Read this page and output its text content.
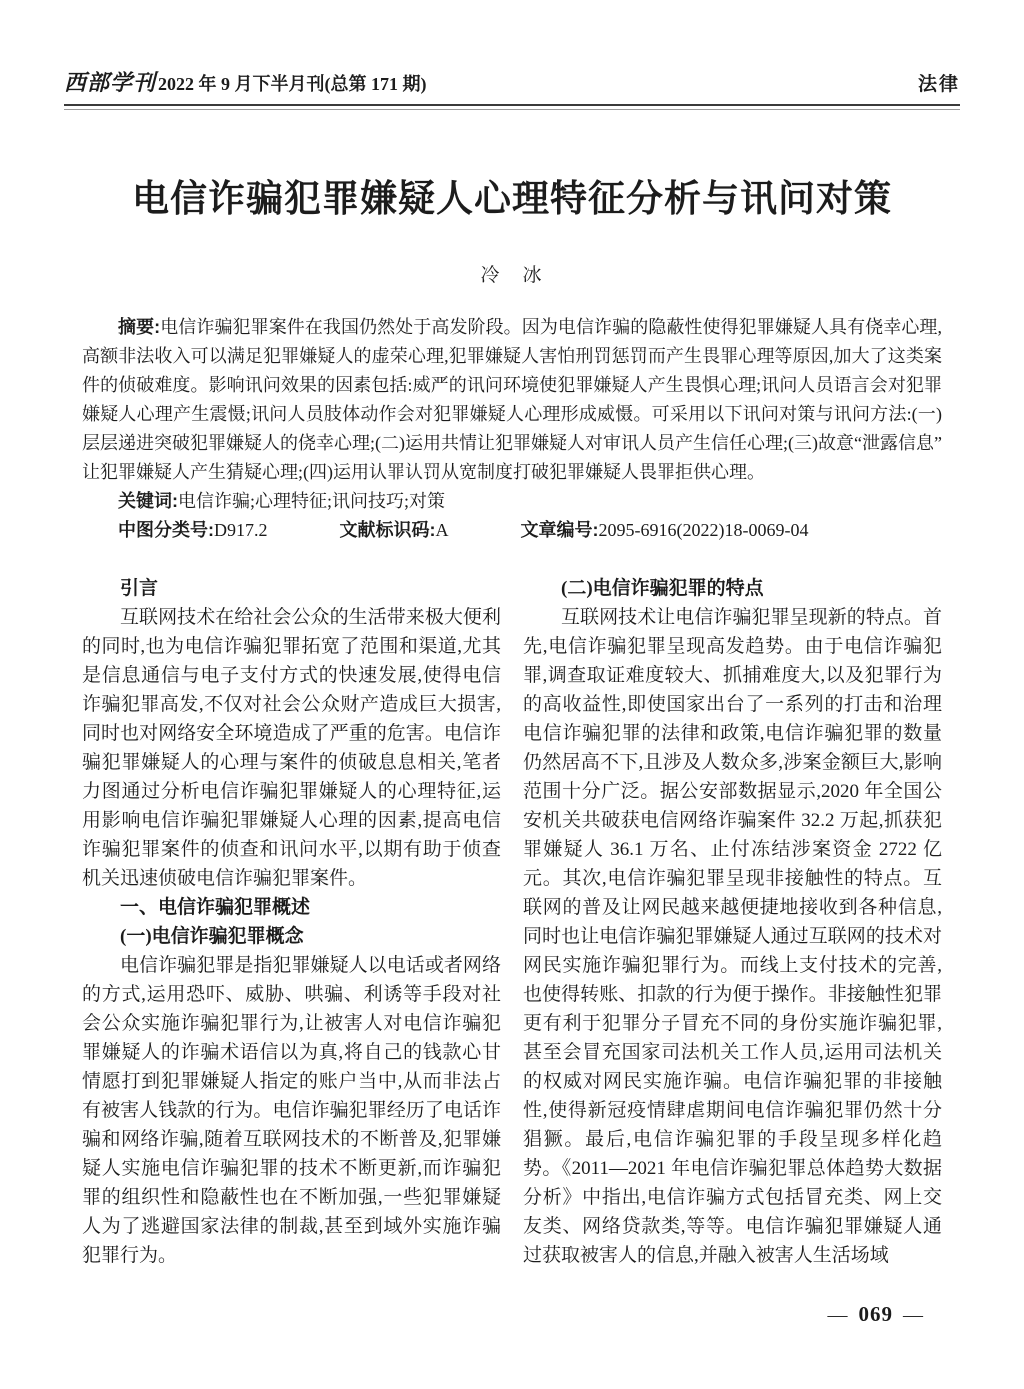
西部学刊 2022 年 9 月下半月刊(总第 171 期)	法律
电信诈骗犯罪嫌疑人心理特征分析与讯问对策
冷　冰

摘要:电信诈骗犯罪案件在我国仍然处于高发阶段。因为电信诈骗的隐蔽性使得犯罪嫌疑人具有侥幸心理,高额非法收入可以满足犯罪嫌疑人的虚荣心理,犯罪嫌疑人害怕刑罚惩罚而产生畏罪心理等原因,加大了这类案件的侦破难度。影响讯问效果的因素包括:威严的讯问环境使犯罪嫌疑人产生畏惧心理;讯问人员语言会对犯罪嫌疑人心理产生震慑;讯问人员肢体动作会对犯罪嫌疑人心理形成威慑。可采用以下讯问对策与讯问方法:(一)层层递进突破犯罪嫌疑人的侥幸心理;(二)运用共情让犯罪嫌疑人对审讯人员产生信任心理;(三)故意“泄露信息”让犯罪嫌疑人产生猜疑心理;(四)运用认罪认罚从宽制度打破犯罪嫌疑人畏罪拒供心理。

关键词:电信诈骗;心理特征;讯问技巧;对策

中图分类号:D917.2	文献标识码:A	文章编号:2095-6916(2022)18-0069-04

引言

互联网技术在给社会公众的生活带来极大便利的同时,也为电信诈骗犯罪拓宽了范围和渠道,尤其是信息通信与电子支付方式的快速发展,使得电信诈骗犯罪高发,不仅对社会公众财产造成巨大损害,同时也对网络安全环境造成了严重的危害。电信诈骗犯罪嫌疑人的心理与案件的侦破息息相关,笔者力图通过分析电信诈骗犯罪嫌疑人的心理特征,运用影响电信诈骗犯罪嫌疑人心理的因素,提高电信诈骗犯罪案件的侦查和讯问水平,以期有助于侦查机关迅速侦破电信诈骗犯罪案件。

一、电信诈骗犯罪概述
(一)电信诈骗犯罪概念

电信诈骗犯罪是指犯罪嫌疑人以电话或者网络的方式,运用恐吓、威胁、哄骗、利诱等手段对社会公众实施诈骗犯罪行为,让被害人对电信诈骗犯罪嫌疑人的诈骗术语信以为真,将自己的钱款心甘情愿打到犯罪嫌疑人指定的账户当中,从而非法占有被害人钱款的行为。电信诈骗犯罪经历了电话诈骗和网络诈骗,随着互联网技术的不断普及,犯罪嫌疑人实施电信诈骗犯罪的技术不断更新,而诈骗犯罪的组织性和隐蔽性也在不断加强,一些犯罪嫌疑人为了逃避国家法律的制裁,甚至到域外实施诈骗犯罪行为。

(二)电信诈骗犯罪的特点

互联网技术让电信诈骗犯罪呈现新的特点。首先,电信诈骗犯罪呈现高发趋势。由于电信诈骗犯罪,调查取证难度较大、抓捕难度大,以及犯罪行为的高收益性,即使国家出台了一系列的打击和治理电信诈骗犯罪的法律和政策,电信诈骗犯罪的数量仍然居高不下,且涉及人数众多,涉案金额巨大,影响范围十分广泛。据公安部数据显示,2020 年全国公安机关共破获电信网络诈骗案件 32.2 万起,抓获犯罪嫌疑人 36.1 万名、止付冻结涉案资金 2722 亿元。其次,电信诈骗犯罪呈现非接触性的特点。互联网的普及让网民越来越便捷地接收到各种信息,同时也让电信诈骗犯罪嫌疑人通过互联网的技术对网民实施诈骗犯罪行为。而线上支付技术的完善,也使得转账、扣款的行为便于操作。非接触性犯罪更有利于犯罪分子冒充不同的身份实施诈骗犯罪,甚至会冒充国家司法机关工作人员,运用司法机关的权威对网民实施诈骗。电信诈骗犯罪的非接触性,使得新冠疫情肆虐期间电信诈骗犯罪仍然十分猖獗。最后,电信诈骗犯罪的手段呈现多样化趋势。《2011—2021 年电信诈骗犯罪总体趋势大数据分析》中指出,电信诈骗方式包括冒充类、网上交友类、网络贷款类,等等。电信诈骗犯罪嫌疑人通过获取被害人的信息,并融入被害人生活场域

— 069 —
